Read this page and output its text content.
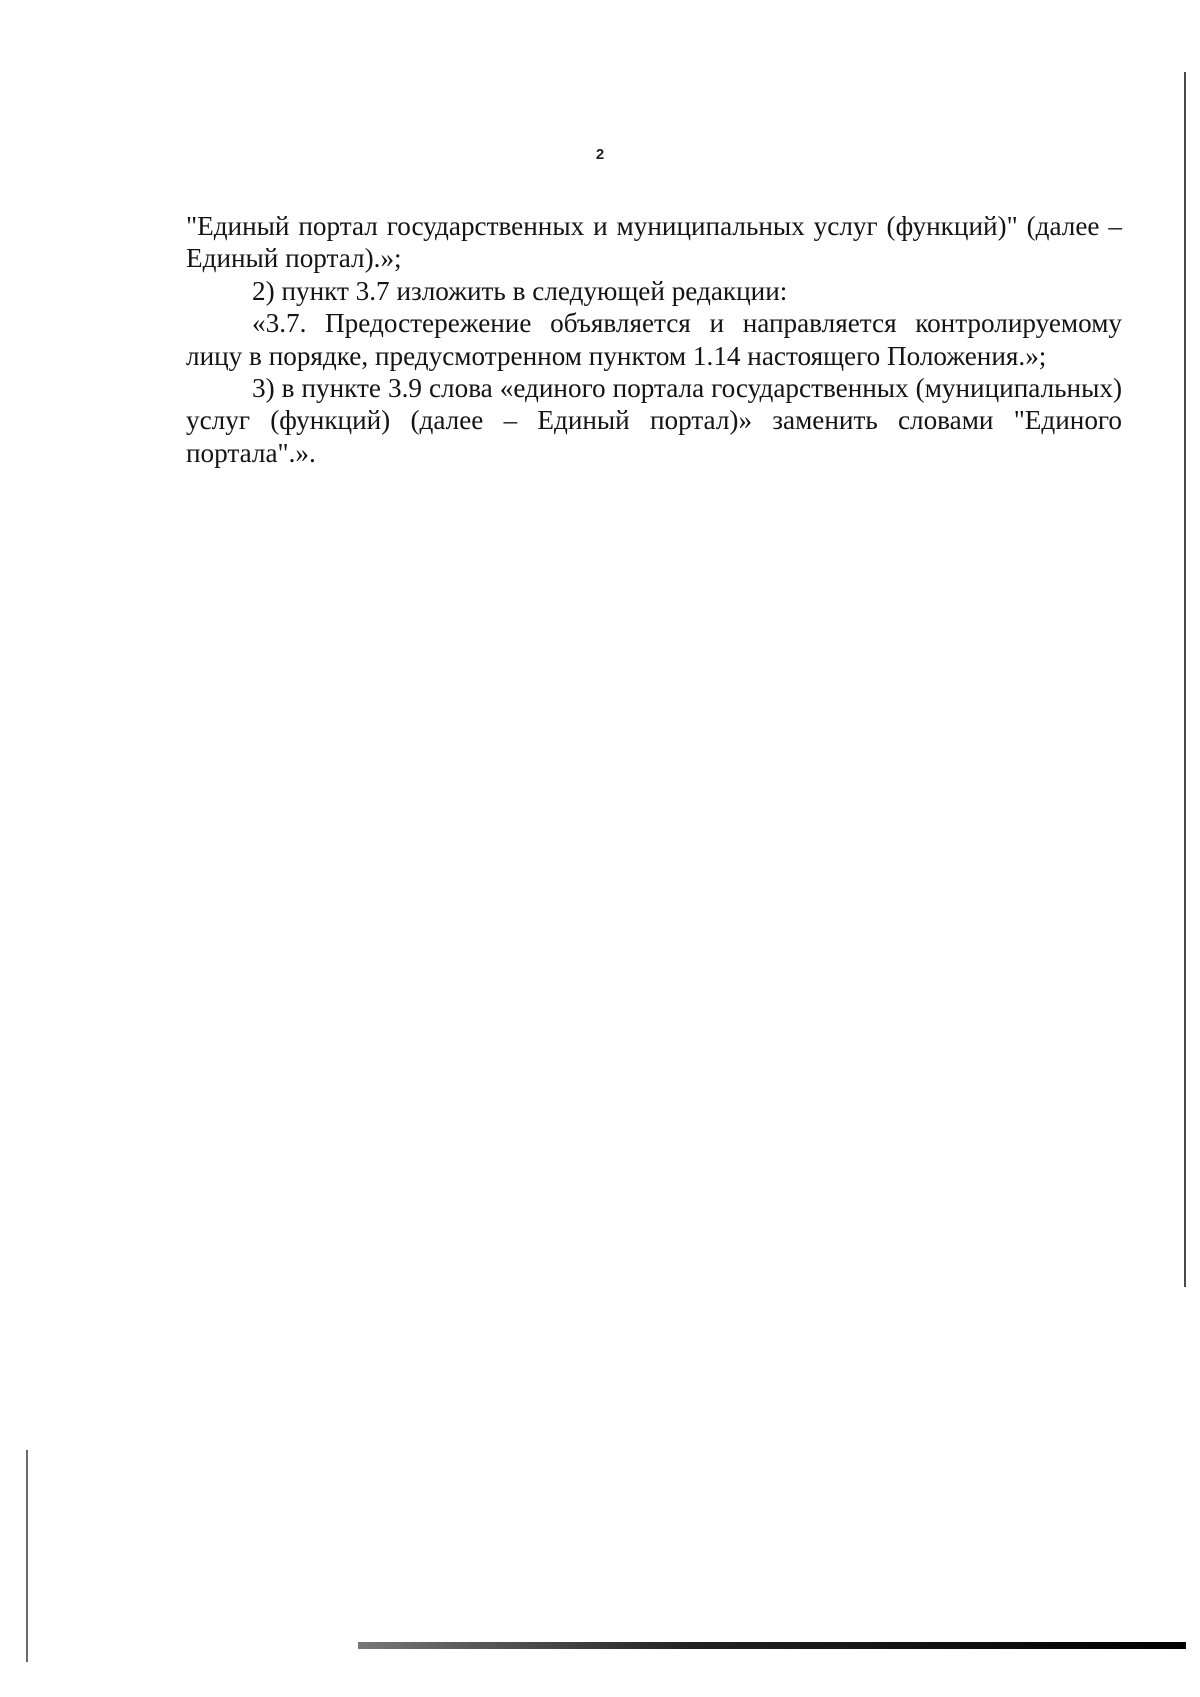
2

"Единый портал государственных и муниципальных услуг (функций)" (далее – Единый портал).»;

2) пункт 3.7 изложить в следующей редакции:

«3.7. Предостережение объявляется и направляется контролируемому лицу в порядке, предусмотренном пунктом 1.14 настоящего Положения.»;

3) в пункте 3.9 слова «единого портала государственных (муниципальных) услуг (функций) (далее – Единый портал)» заменить словами "Единого портала".».
